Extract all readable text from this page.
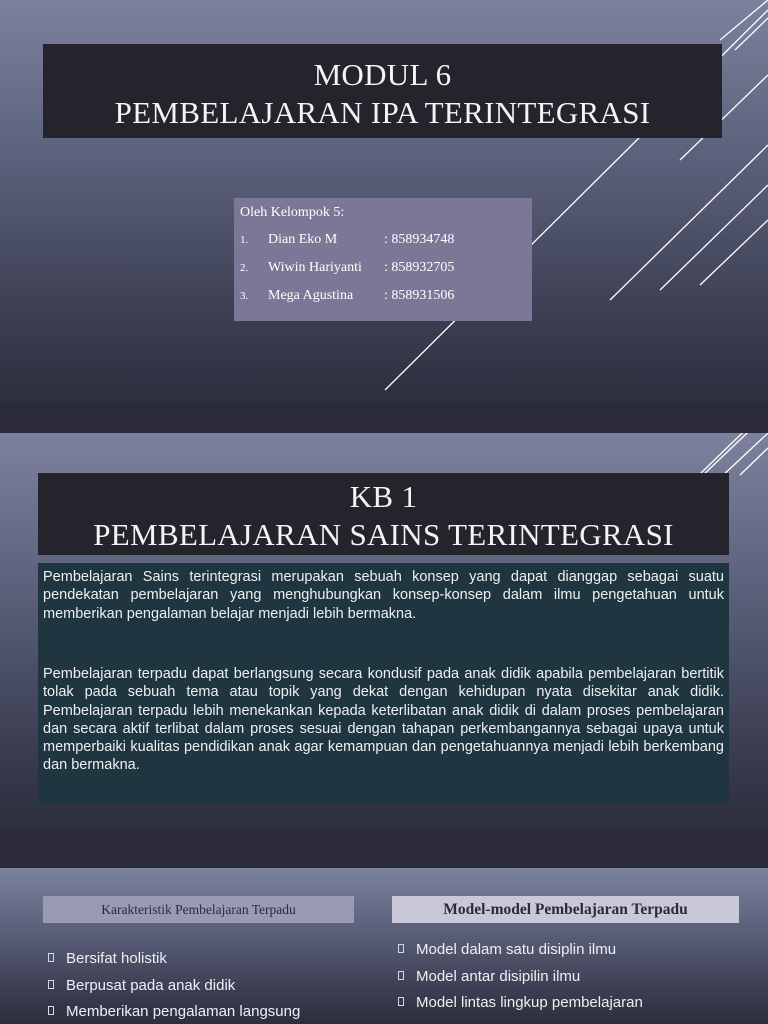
MODUL 6
PEMBELAJARAN IPA TERINTEGRASI
Oleh Kelompok 5:
1. Dian Eko M	: 858934748
2. Wiwin Hariyanti : 858932705
3. Mega Agustina : 858931506
KB 1
PEMBELAJARAN SAINS TERINTEGRASI

Pembelajaran Sains terintegrasi merupakan sebuah konsep yang dapat dianggap sebagai suatu pendekatan pembelajaran yang menghubungkan konsep-konsep dalam ilmu pengetahuan untuk memberikan pengalaman belajar menjadi lebih bermakna.

Pembelajaran terpadu dapat berlangsung secara kondusif pada anak didik apabila pembelajaran bertitik tolak pada sebuah tema atau topik yang dekat dengan kehidupan nyata disekitar anak didik. Pembelajaran terpadu lebih menekankan kepada keterlibatan anak didik di dalam proses pembelajaran dan secara aktif terlibat dalam proses sesuai dengan tahapan perkembangannya sebagai upaya untuk memperbaiki kualitas pendidikan anak agar kemampuan dan pengetahuannya menjadi lebih berkembang dan bermakna.

Karakteristik Pembelajaran Terpadu	Model-model Pembelajaran Terpadu
Bersifat holistik
Berpusat pada anak didik
Memberikan pengalaman langsung
Model dalam satu disiplin ilmu
Model antar disipilin ilmu
Model lintas lingkup pembelajaran
